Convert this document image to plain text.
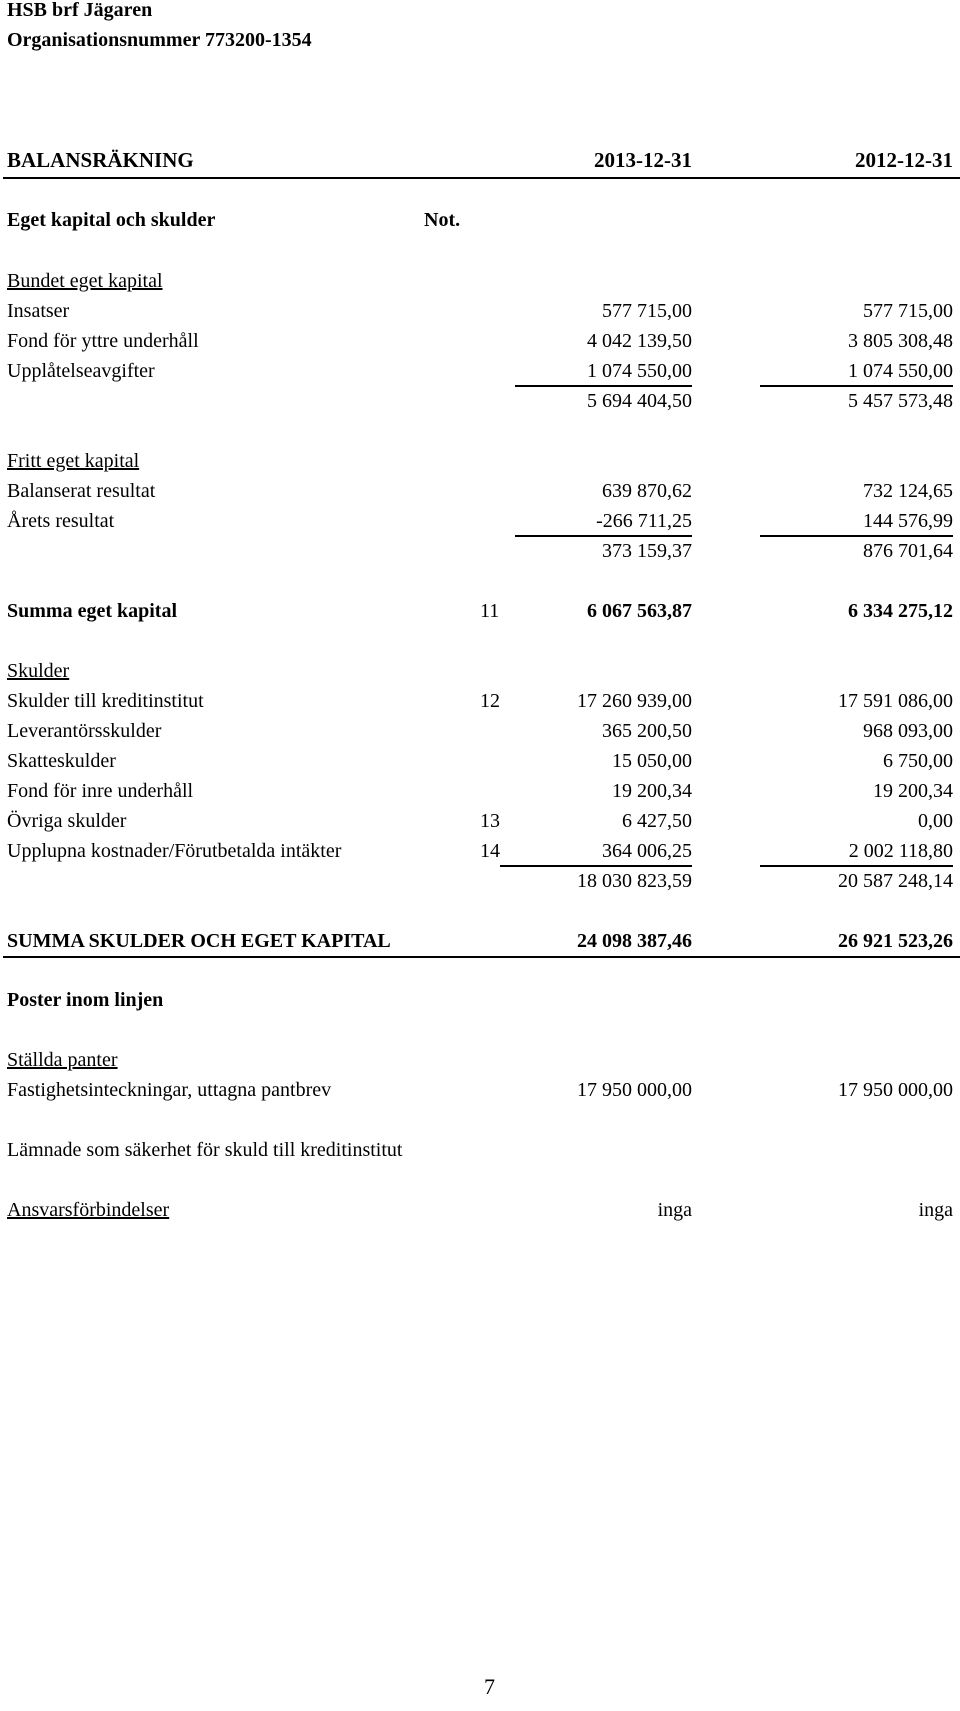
HSB brf Jägaren
Organisationsnummer 773200-1354
BALANSRÄKNING	2013-12-31	2012-12-31
Eget kapital och skulder	Not.
Bundet eget kapital
Insatser	577 715,00	577 715,00
Fond för yttre underhåll	4 042 139,50	3 805 308,48
Upplåtelseavgifter	1 074 550,00	1 074 550,00
5 694 404,50	5 457 573,48
Fritt eget kapital
Balanserat resultat	639 870,62	732 124,65
Årets resultat	-266 711,25	144 576,99
373 159,37	876 701,64
Summa eget kapital	11	6 067 563,87	6 334 275,12
Skulder
Skulder till kreditinstitut	12	17 260 939,00	17 591 086,00
Leverantörsskulder	365 200,50	968 093,00
Skatteskulder	15 050,00	6 750,00
Fond för inre underhåll	19 200,34	19 200,34
Övriga skulder	13	6 427,50	0,00
Upplupna kostnader/Förutbetalda intäkter	14	364 006,25	2 002 118,80
18 030 823,59	20 587 248,14
SUMMA SKULDER OCH EGET KAPITAL	24 098 387,46	26 921 523,26
Poster inom linjen
Ställda panter
Fastighetsinteckningar, uttagna pantbrev	17 950 000,00	17 950 000,00
Lämnade som säkerhet för skuld till kreditinstitut
Ansvarsförbindelser	inga	inga
7
